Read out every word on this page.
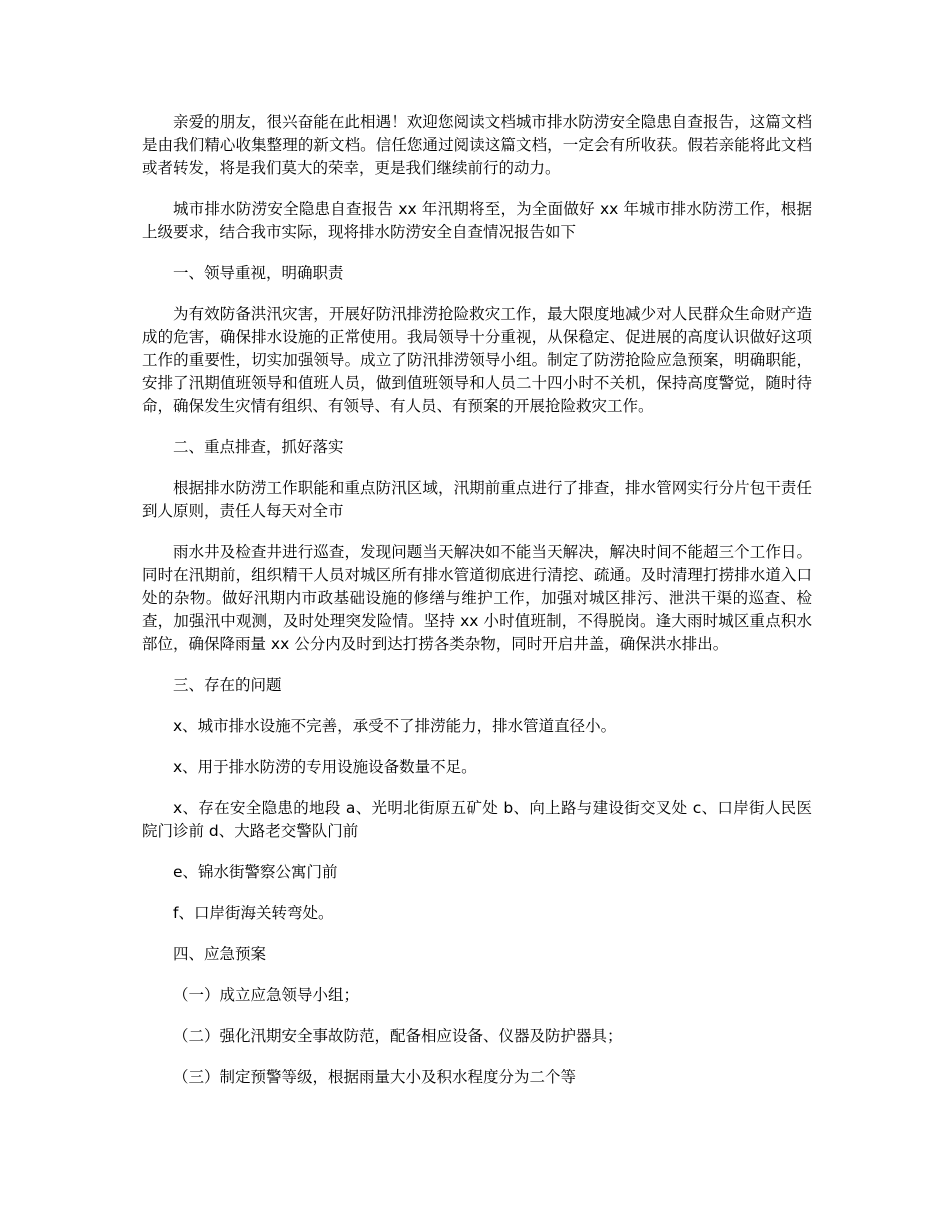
亲爱的朋友，很兴奋能在此相遇！欢迎您阅读文档城市排水防涝安全隐患自查报告，这篇文档是由我们精心收集整理的新文档。信任您通过阅读这篇文档，一定会有所收获。假若亲能将此文档或者转发，将是我们莫大的荣幸，更是我们继续前行的动力。

城市排水防涝安全隐患自查报告 xx 年汛期将至，为全面做好 xx 年城市排水防涝工作，根据上级要求，结合我市实际，现将排水防涝安全自查情况报告如下

一、领导重视，明确职责

为有效防备洪汛灾害，开展好防汛排涝抢险救灾工作，最大限度地减少对人民群众生命财产造成的危害，确保排水设施的正常使用。我局领导十分重视，从保稳定、促进展的高度认识做好这项工作的重要性，切实加强领导。成立了防汛排涝领导小组。制定了防涝抢险应急预案，明确职能，安排了汛期值班领导和值班人员，做到值班领导和人员二十四小时不关机，保持高度警觉，随时待命，确保发生灾情有组织、有领导、有人员、有预案的开展抢险救灾工作。

二、重点排查，抓好落实

根据排水防涝工作职能和重点防汛区域，汛期前重点进行了排查，排水管网实行分片包干责任到人原则，责任人每天对全市

雨水井及检查井进行巡查，发现问题当天解决如不能当天解决，解决时间不能超三个工作日。同时在汛期前，组织精干人员对城区所有排水管道彻底进行清挖、疏通。及时清理打捞排水道入口处的杂物。做好汛期内市政基础设施的修缮与维护工作，加强对城区排污、泄洪干渠的巡查、检查，加强汛中观测，及时处理突发险情。坚持 xx 小时值班制，不得脱岗。逢大雨时城区重点积水部位，确保降雨量 xx 公分内及时到达打捞各类杂物，同时开启井盖，确保洪水排出。

三、存在的问题

x、城市排水设施不完善，承受不了排涝能力，排水管道直径小。

x、用于排水防涝的专用设施设备数量不足。

x、存在安全隐患的地段 a、光明北街原五矿处 b、向上路与建设街交叉处 c、口岸街人民医院门诊前 d、大路老交警队门前

e、锦水街警察公寓门前

f、口岸街海关转弯处。

四、应急预案

（一）成立应急领导小组；

（二）强化汛期安全事故防范，配备相应设备、仪器及防护器具；

（三）制定预警等级，根据雨量大小及积水程度分为二个等
